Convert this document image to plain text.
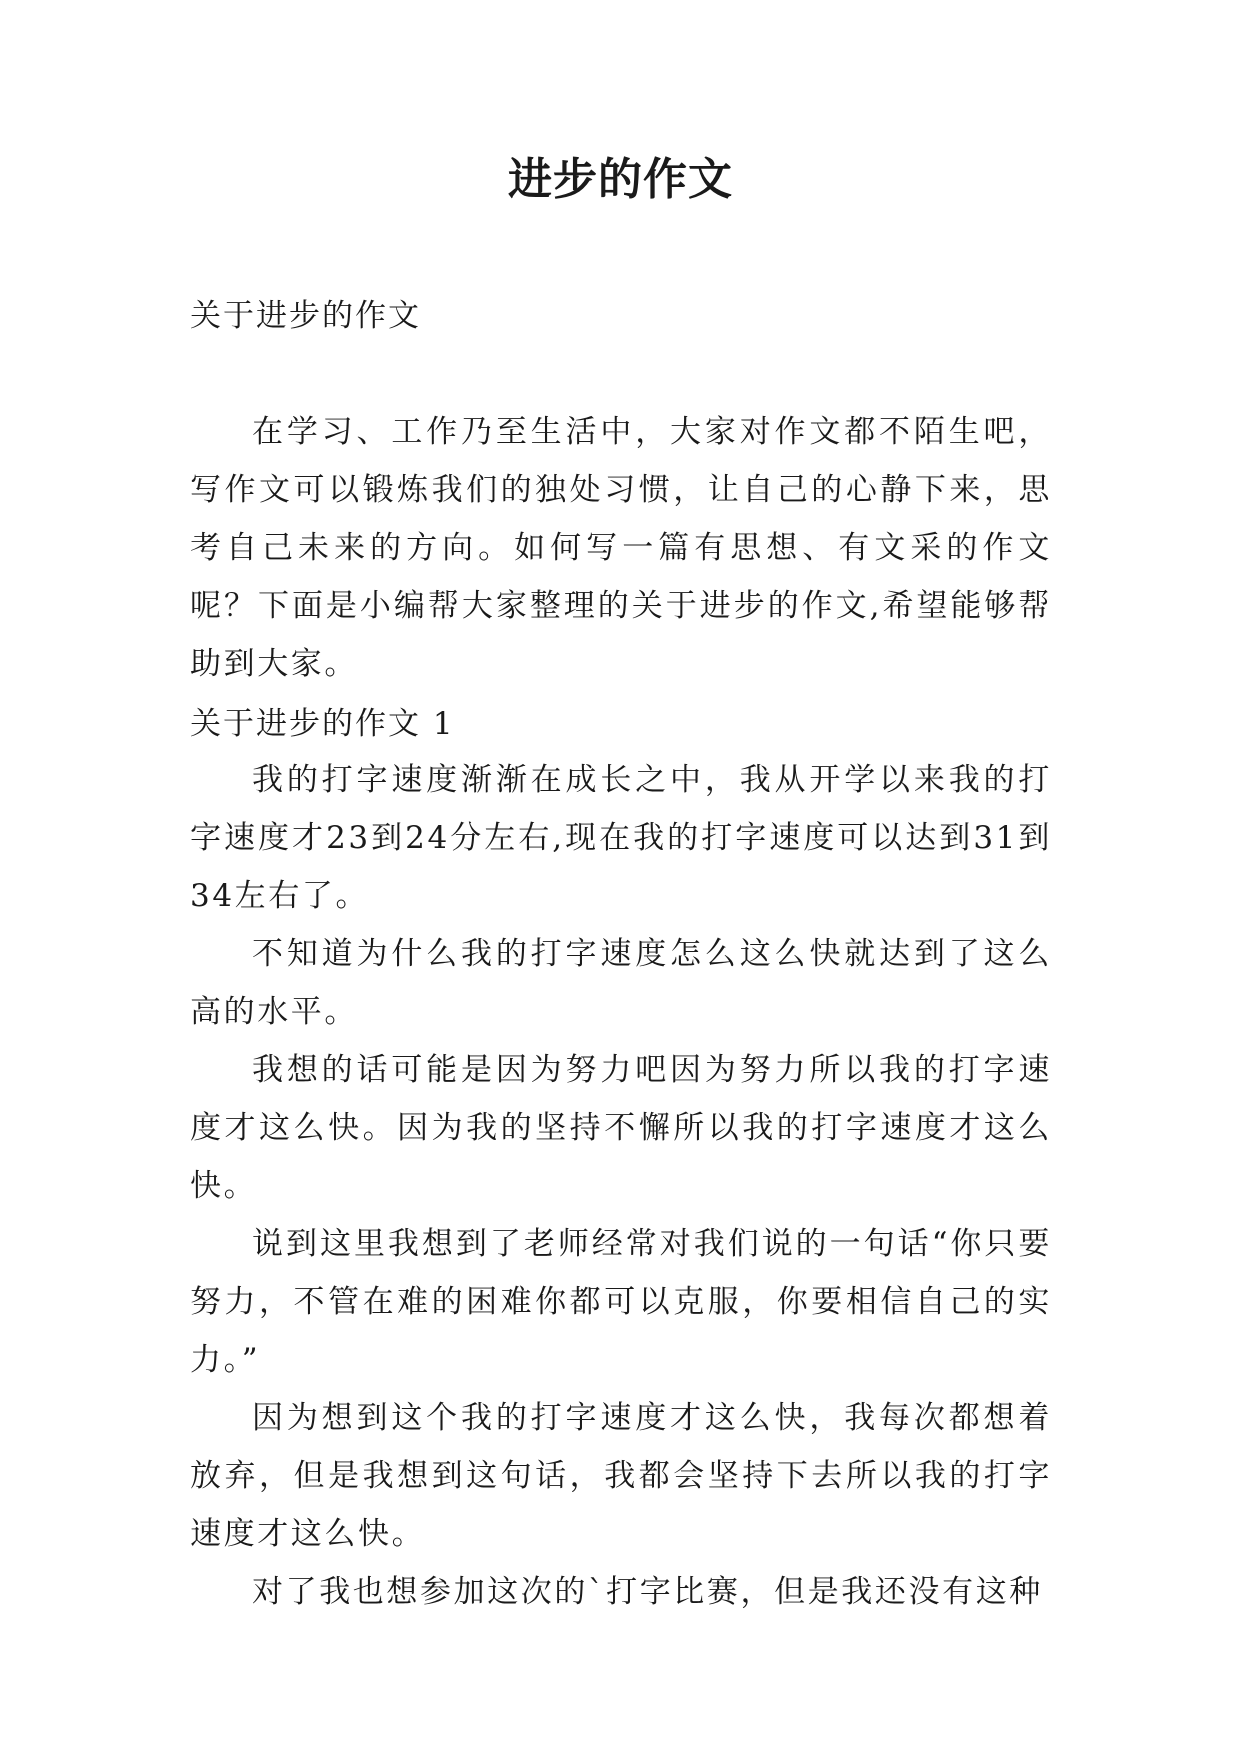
进步的作文
关于进步的作文

在学习、工作乃至生活中，大家对作文都不陌生吧，写作文可以锻炼我们的独处习惯，让自己的心静下来，思考自己未来的方向。如何写一篇有思想、有文采的作文呢？下面是小编帮大家整理的关于进步的作文,希望能够帮助到大家。

关于进步的作文 1

我的打字速度渐渐在成长之中，我从开学以来我的打字速度才23到24分左右,现在我的打字速度可以达到31到34左右了。

不知道为什么我的打字速度怎么这么快就达到了这么高的水平。

我想的话可能是因为努力吧因为努力所以我的打字速度才这么快。因为我的坚持不懈所以我的打字速度才这么快。

说到这里我想到了老师经常对我们说的一句话“你只要努力，不管在难的困难你都可以克服，你要相信自己的实力。”

因为想到这个我的打字速度才这么快，我每次都想着放弃，但是我想到这句话，我都会坚持下去所以我的打字速度才这么快。

对了我也想参加这次的`打字比赛，但是我还没有这种
